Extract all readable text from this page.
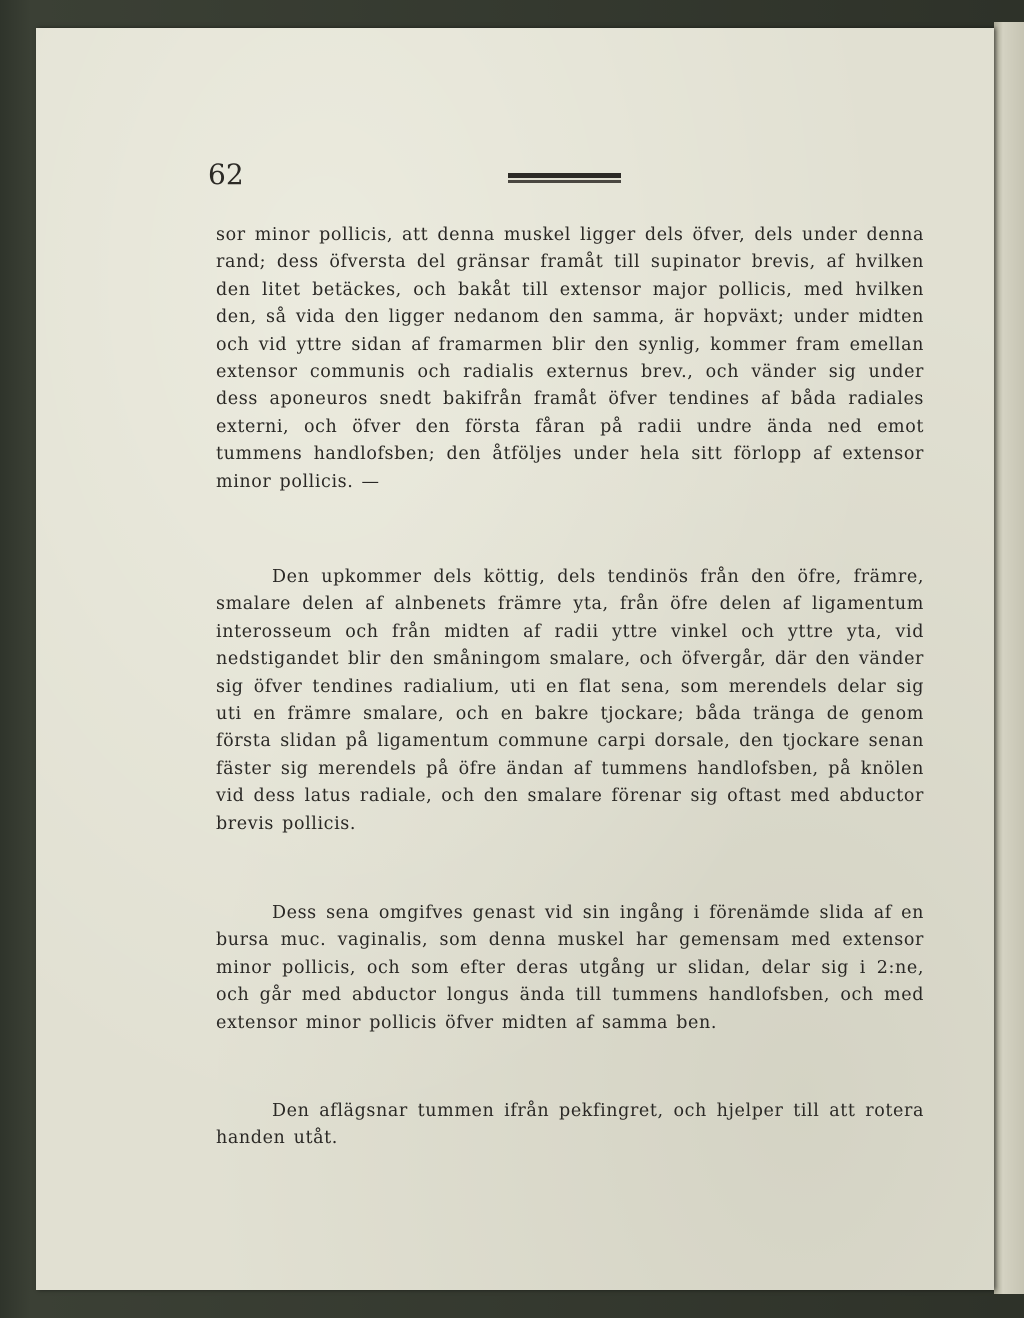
62

sor minor pollicis, att denna muskel ligger dels öfver, dels under denna rand; dess öfversta del gränsar framåt till supinator brevis, af hvilken den litet betäckes, och bakåt till extensor major pollicis, med hvilken den, så vida den ligger nedanom den samma, är hopväxt; under midten och vid yttre sidan af framarmen blir den synlig, kommer fram emellan extensor communis och radialis externus brev., och vänder sig under dess aponeuros snedt bakifrån framåt öfver tendines af båda radiales externi, och öfver den första fåran på radii undre ända ned emot tummens handlofsben; den åtföljes under hela sitt förlopp af extensor minor pollicis. —

Den upkommer dels köttig, dels tendinös från den öfre, främre, smalare delen af alnbenets främre yta, från öfre delen af ligamentum interosseum och från midten af radii yttre vinkel och yttre yta, vid nedstigandet blir den småningom smalare, och öfvergår, där den vänder sig öfver tendines radialium, uti en flat sena, som merendels delar sig uti en främre smalare, och en bakre tjockare; båda tränga de genom första slidan på ligamentum commune carpi dorsale, den tjockare senan fäster sig merendels på öfre ändan af tummens handlofsben, på knölen vid dess latus radiale, och den smalare förenar sig oftast med abductor brevis pollicis.

Dess sena omgifves genast vid sin ingång i förenämde slida af en bursa muc. vaginalis, som denna muskel har gemensam med extensor minor pollicis, och som efter deras utgång ur slidan, delar sig i 2:ne, och går med abductor longus ända till tummens handlofsben, och med extensor minor pollicis öfver midten af samma ben.

Den aflägsnar tummen ifrån pekfingret, och hjelper till att rotera handen utåt.
